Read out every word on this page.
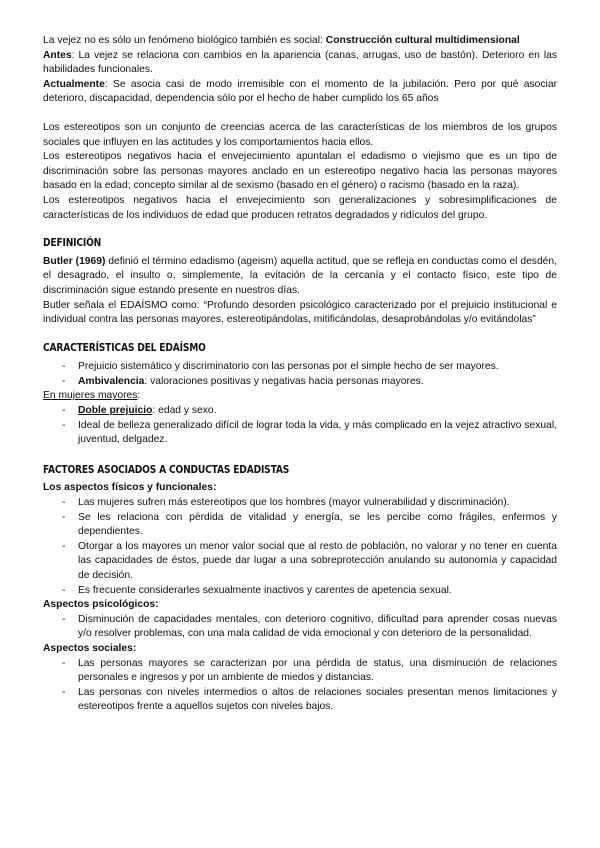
La vejez no es sólo un fenómeno biológico también es social: Construcción cultural multidimensional
Antes: La vejez se relaciona con cambios en la apariencia (canas, arrugas, uso de bastón). Deterioro en las habilidades funcionales.
Actualmente: Se asocia casi de modo irremisible con el momento de la jubilación. Pero por qué asociar deterioro, discapacidad, dependencia sólo por el hecho de haber cumplido los 65 años

Los estereotipos son un conjunto de creencias acerca de las características de los miembros de los grupos sociales que influyen en las actitudes y los comportamientos hacia ellos.

Los estereotipos negativos hacia el envejecimiento apuntalan el edadismo o viejismo que es un tipo de discriminación sobre las personas mayores anclado en un estereotipo negativo hacia las personas mayores basado en la edad; concepto similar al de sexismo (basado en el género) o racismo (basado en la raza).

Los estereotipos negativos hacia el envejecimiento son generalizaciones y sobresimplificaciones de características de los individuos de edad que producen retratos degradados y ridículos del grupo.

DEFINICIÓN

Butler (1969) definió el término edadismo (ageism) aquella actitud, que se refleja en conductas como el desdén, el desagrado, el insulto o, simplemente, la evitación de la cercanía y el contacto físico, este tipo de discriminación sigue estando presente en nuestros días.

Butler señala el EDAÍSMO como: “Profundo desorden psicológico caracterizado por el prejuicio institucional e individual contra las personas mayores, estereotipándolas, mitificándolas, desaprobándolas y/o evitándolas”

CARACTERÍSTICAS DEL EDAÍSMO
- Prejuicio sistemático y discriminatorio con las personas por el simple hecho de ser mayores.
- Ambivalencia: valoraciones positivas y negativas hacia personas mayores.

En mujeres mayores:

- Doble prejuicio: edad y sexo.
- Ideal de belleza generalizado difícil de lograr toda la vida, y más complicado en la vejez atractivo sexual, juventud, delgadez.
FACTORES ASOCIADOS A CONDUCTAS EDADISTAS

Los aspectos físicos y funcionales:

- Las mujeres sufren más estereotipos que los hombres (mayor vulnerabilidad y discriminación).
- Se les relaciona con pérdida de vitalidad y energía, se les percibe como frágiles, enfermos y dependientes.
- Otorgar a los mayores un menor valor social que al resto de población, no valorar y no tener en cuenta las capacidades de éstos, puede dar lugar a una sobreprotección anulando su autonomía y capacidad de decisión.
- Es frecuente considerarles sexualmente inactivos y carentes de apetencia sexual.

Aspectos psicológicos:

- Disminución de capacidades mentales, con deterioro cognitivo, dificultad para aprender cosas nuevas y/o resolver problemas, con una mala calidad de vida emocional y con deterioro de la personalidad.

Aspectos sociales:

- Las personas mayores se caracterizan por una pérdida de status, una disminución de relaciones personales e ingresos y por un ambiente de miedos y distancias.
- Las personas con niveles intermedios o altos de relaciones sociales presentan menos limitaciones y estereotipos frente a aquellos sujetos con niveles bajos.
